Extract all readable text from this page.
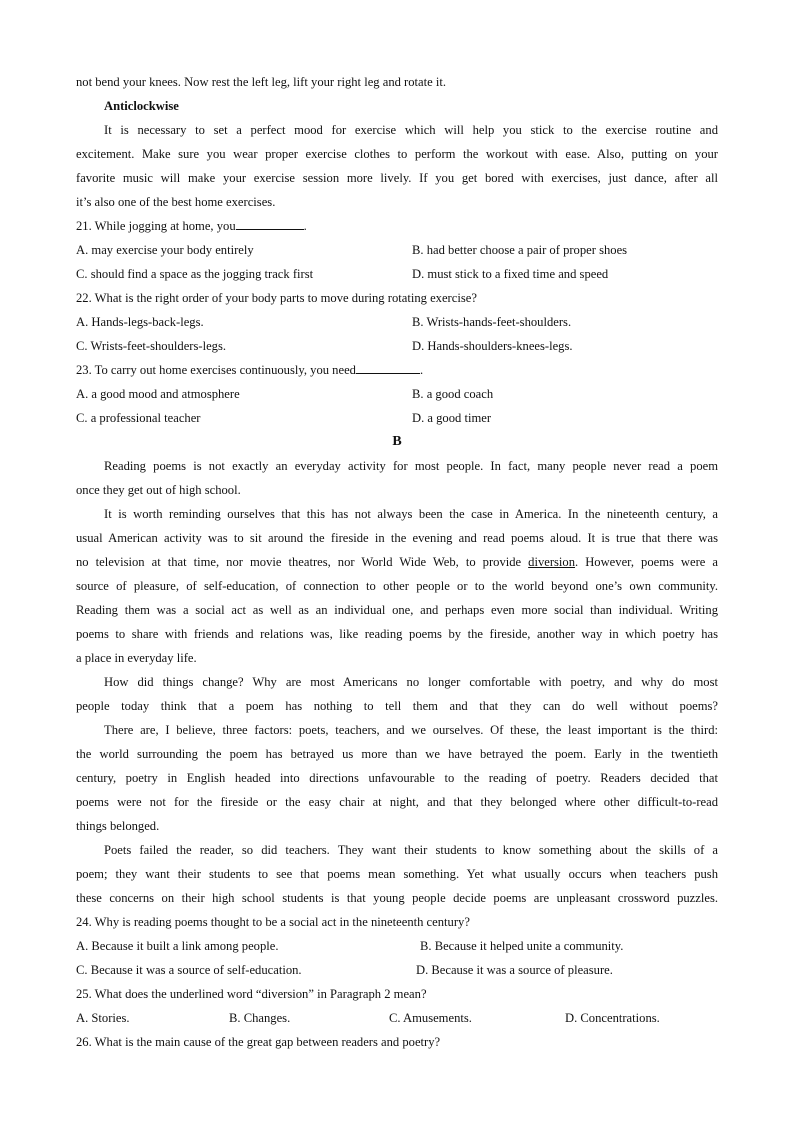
not bend your knees. Now rest the left leg, lift your right leg and rotate it.
Anticlockwise
It is necessary to set a perfect mood for exercise which will help you stick to the exercise routine and
excitement. Make sure you wear proper exercise clothes to perform the workout with ease. Also, putting on your
favorite music will make your exercise session more lively. If you get bored with exercises, just dance, after all
it’s also one of the best home exercises.
21. While jogging at home, you	.
A. may exercise your body entirely	B. had better choose a pair of proper shoes
C. should find a space as the jogging track first	D. must stick to a fixed time and speed
22. What is the right order of your body parts to move during rotating exercise?
A. Hands-legs-back-legs.	B. Wrists-hands-feet-shoulders.
C. Wrists-feet-shoulders-legs.	D. Hands-shoulders-knees-legs.
23. To carry out home exercises continuously, you need	.
A. a good mood and atmosphere	B. a good coach
C. a professional teacher	D. a good timer
B
Reading poems is not exactly an everyday activity for most people. In fact, many people never read a poem
once they get out of high school.
It is worth reminding ourselves that this has not always been the case in America. In the nineteenth century, a
usual American activity was to sit around the fireside in the evening and read poems aloud. It is true that there was
no television at that time, nor movie theatres, nor World Wide Web, to provide diversion. However, poems were a
source of pleasure, of self-education, of connection to other people or to the world beyond one’s own community.
Reading them was a social act as well as an individual one, and perhaps even more social than individual. Writing
poems to share with friends and relations was, like reading poems by the fireside, another way in which poetry has
a place in everyday life.
How did things change? Why are most Americans no longer comfortable with poetry, and why do most
people today think that a poem has nothing to tell them and that they can do well without poems?
There are, I believe, three factors: poets, teachers, and we ourselves. Of these, the least important is the third:
the world surrounding the poem has betrayed us more than we have betrayed the poem. Early in the twentieth
century, poetry in English headed into directions unfavourable to the reading of poetry. Readers decided that
poems were not for the fireside or the easy chair at night, and that they belonged where other difficult-to-read
things belonged.
Poets failed the reader, so did teachers. They want their students to know something about the skills of a
poem; they want their students to see that poems mean something. Yet what usually occurs when teachers push
these concerns on their high school students is that young people decide poems are unpleasant crossword puzzles.
24. Why is reading poems thought to be a social act in the nineteenth century?
A. Because it built a link among people.	B. Because it helped unite a community.
C. Because it was a source of self-education.	D. Because it was a source of pleasure.
25. What does the underlined word “diversion” in Paragraph 2 mean?
A. Stories.	B. Changes.	C. Amusements.	D. Concentrations.
26. What is the main cause of the great gap between readers and poetry?
